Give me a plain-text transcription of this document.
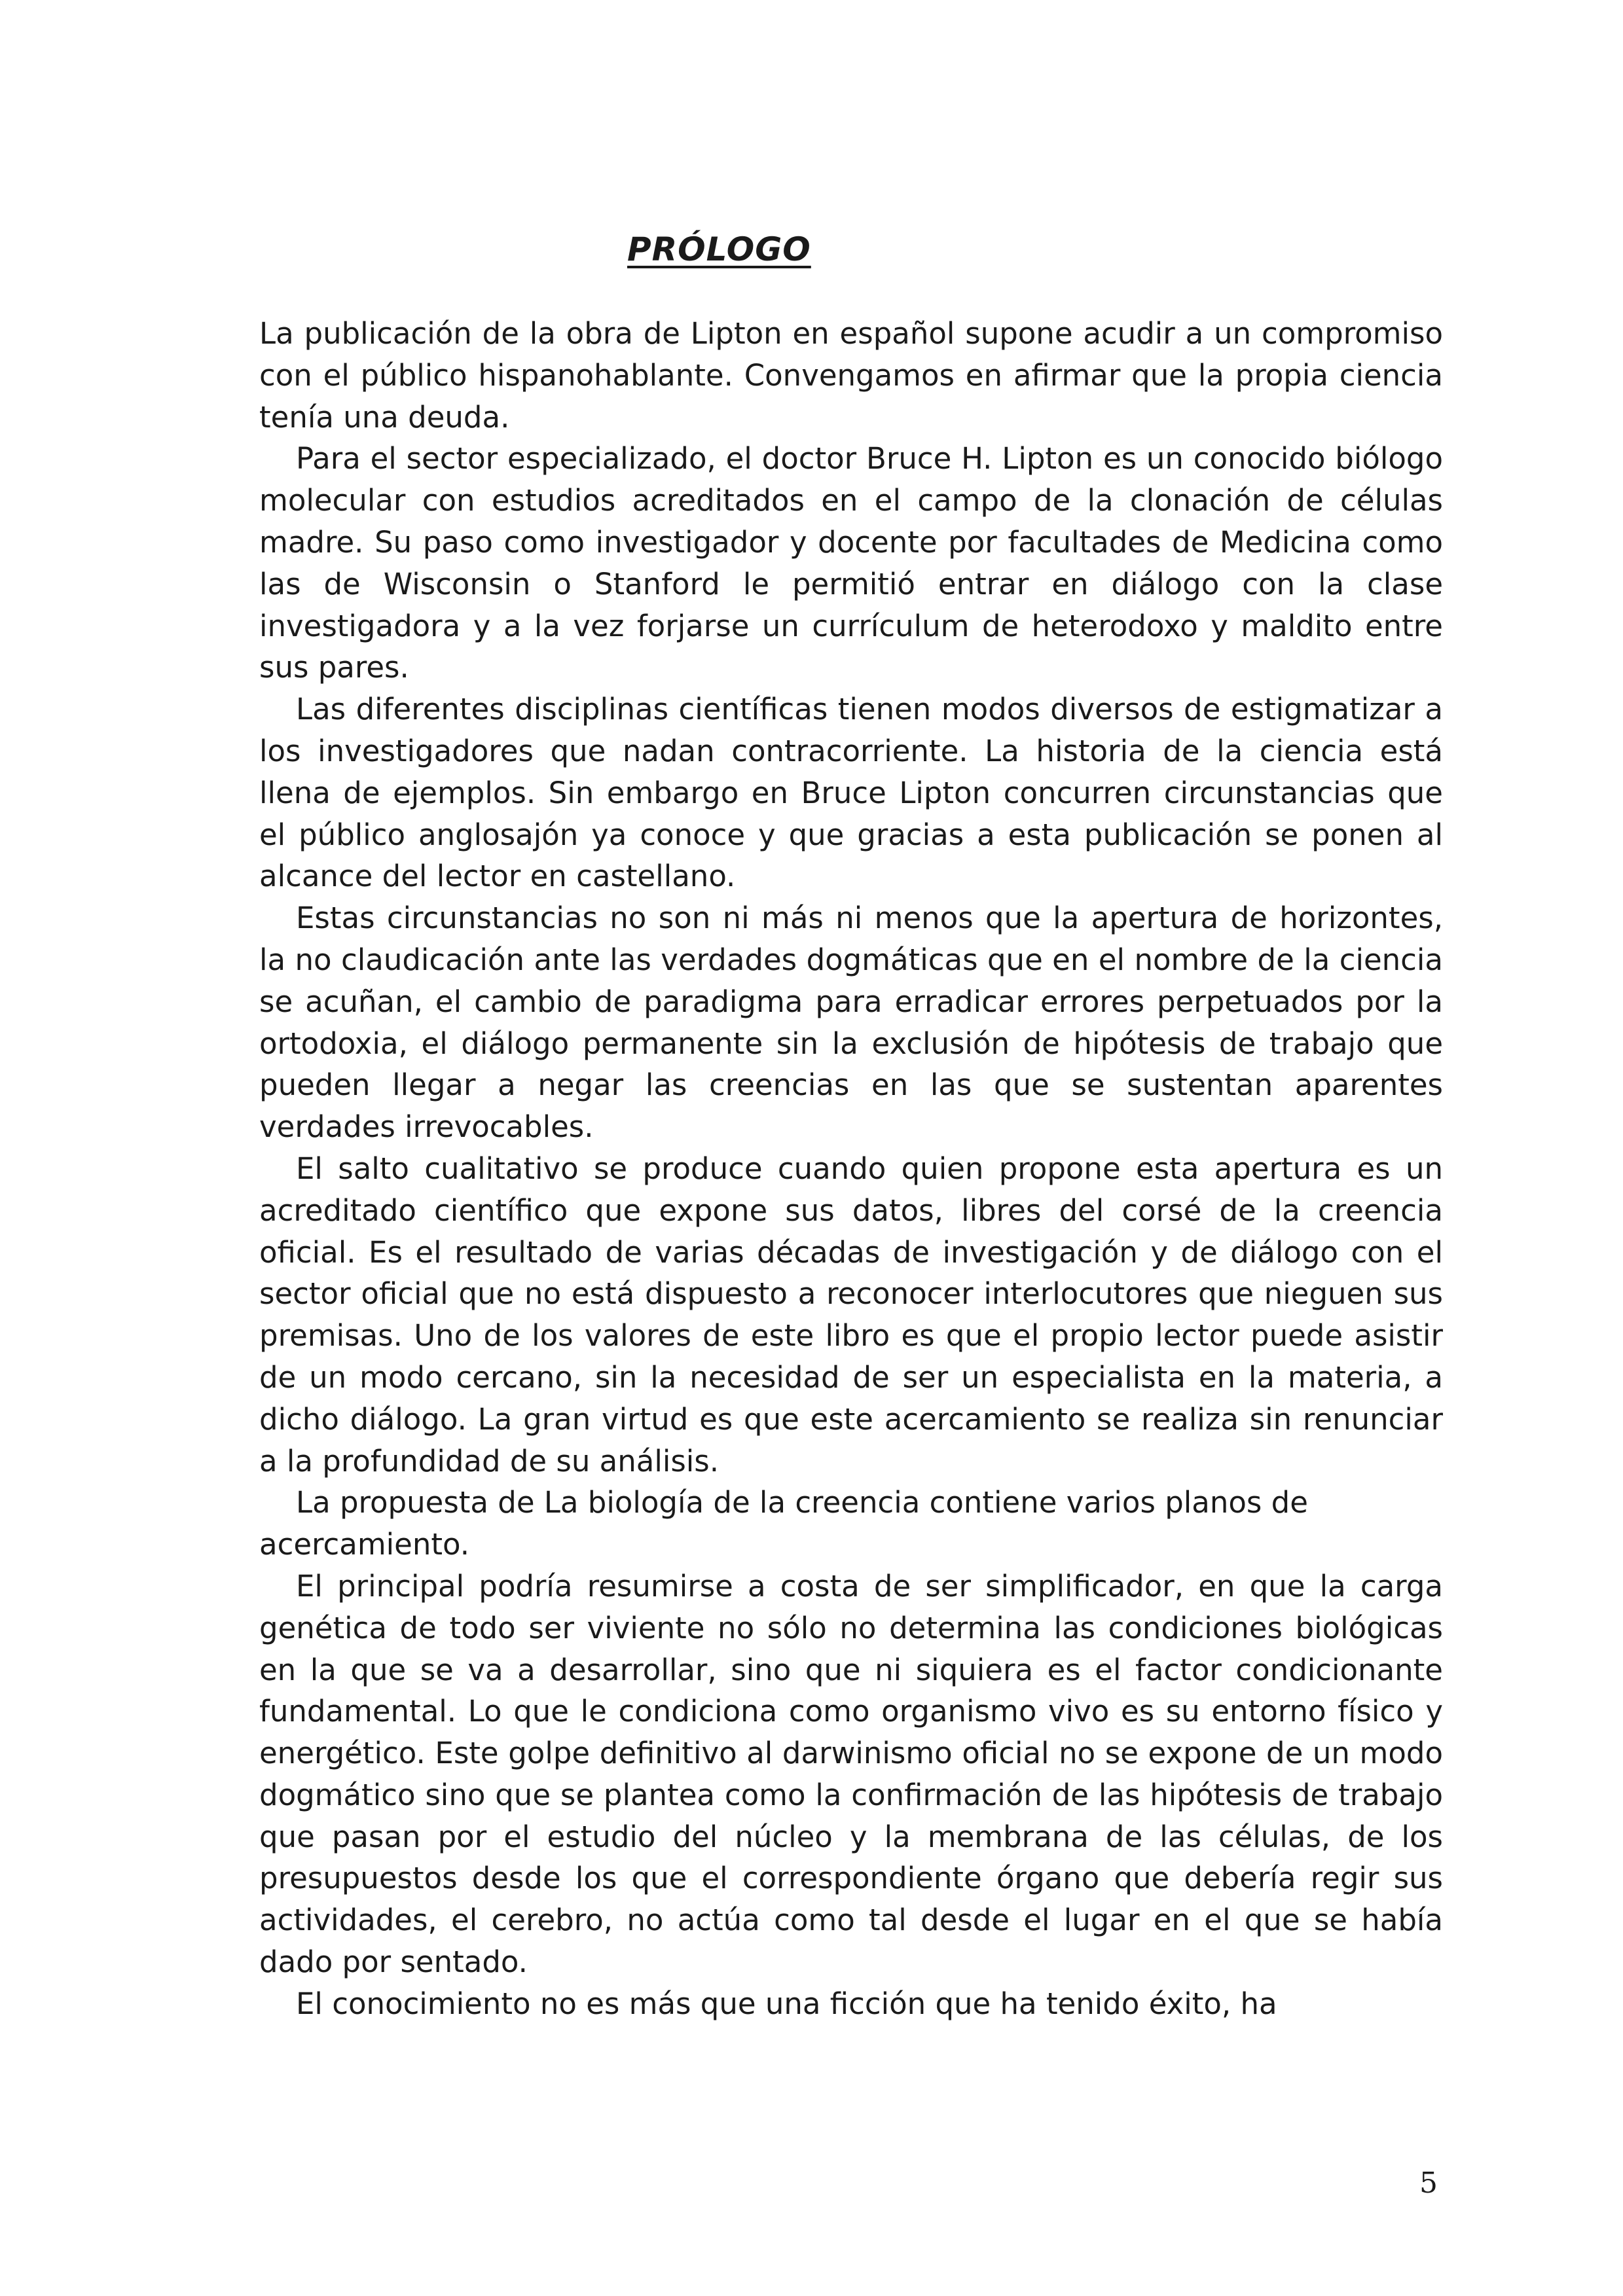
PRÓLOGO

La publicación de la obra de Lipton en español supone acudir a un compromiso con el público hispanohablante. Convengamos en afirmar que la propia ciencia tenía una deuda.

Para el sector especializado, el doctor Bruce H. Lipton es un conocido biólogo molecular con estudios acreditados en el campo de la clonación de células madre. Su paso como investigador y docente por facultades de Medicina como las de Wisconsin o Stanford le permitió entrar en diálogo con la clase investigadora y a la vez forjarse un currículum de heterodoxo y maldito entre sus pares.

Las diferentes disciplinas científicas tienen modos diversos de estigmatizar a los investigadores que nadan contracorriente. La historia de la ciencia está llena de ejemplos. Sin embargo en Bruce Lipton concurren circunstancias que el público anglosajón ya conoce y que gracias a esta publicación se ponen al alcance del lector en castellano.

Estas circunstancias no son ni más ni menos que la apertura de horizontes, la no claudicación ante las verdades dogmáticas que en el nombre de la ciencia se acuñan, el cambio de paradigma para erradicar errores perpetuados por la ortodoxia, el diálogo permanente sin la exclusión de hipótesis de trabajo que pueden llegar a negar las creencias en las que se sustentan aparentes verdades irrevocables.

El salto cualitativo se produce cuando quien propone esta apertura es un acreditado científico que expone sus datos, libres del corsé de la creencia oficial. Es el resultado de varias décadas de investigación y de diálogo con el sector oficial que no está dispuesto a reconocer interlocutores que nieguen sus premisas. Uno de los valores de este libro es que el propio lector puede asistir de un modo cercano, sin la necesidad de ser un especialista en la materia, a dicho diálogo. La gran virtud es que este acercamiento se realiza sin renunciar a la profundidad de su análisis.

La propuesta de La biología de la creencia contiene varios planos de acercamiento.

El principal podría resumirse a costa de ser simplificador, en que la carga genética de todo ser viviente no sólo no determina las condiciones biológicas en la que se va a desarrollar, sino que ni siquiera es el factor condicionante fundamental. Lo que le condiciona como organismo vivo es su entorno físico y energético. Este golpe definitivo al darwinismo oficial no se expone de un modo dogmático sino que se plantea como la confirmación de las hipótesis de trabajo que pasan por el estudio del núcleo y la membrana de las células, de los presupuestos desde los que el correspondiente órgano que debería regir sus actividades, el cerebro, no actúa como tal desde el lugar en el que se había dado por sentado.

El conocimiento no es más que una ficción que ha tenido éxito, ha

5
